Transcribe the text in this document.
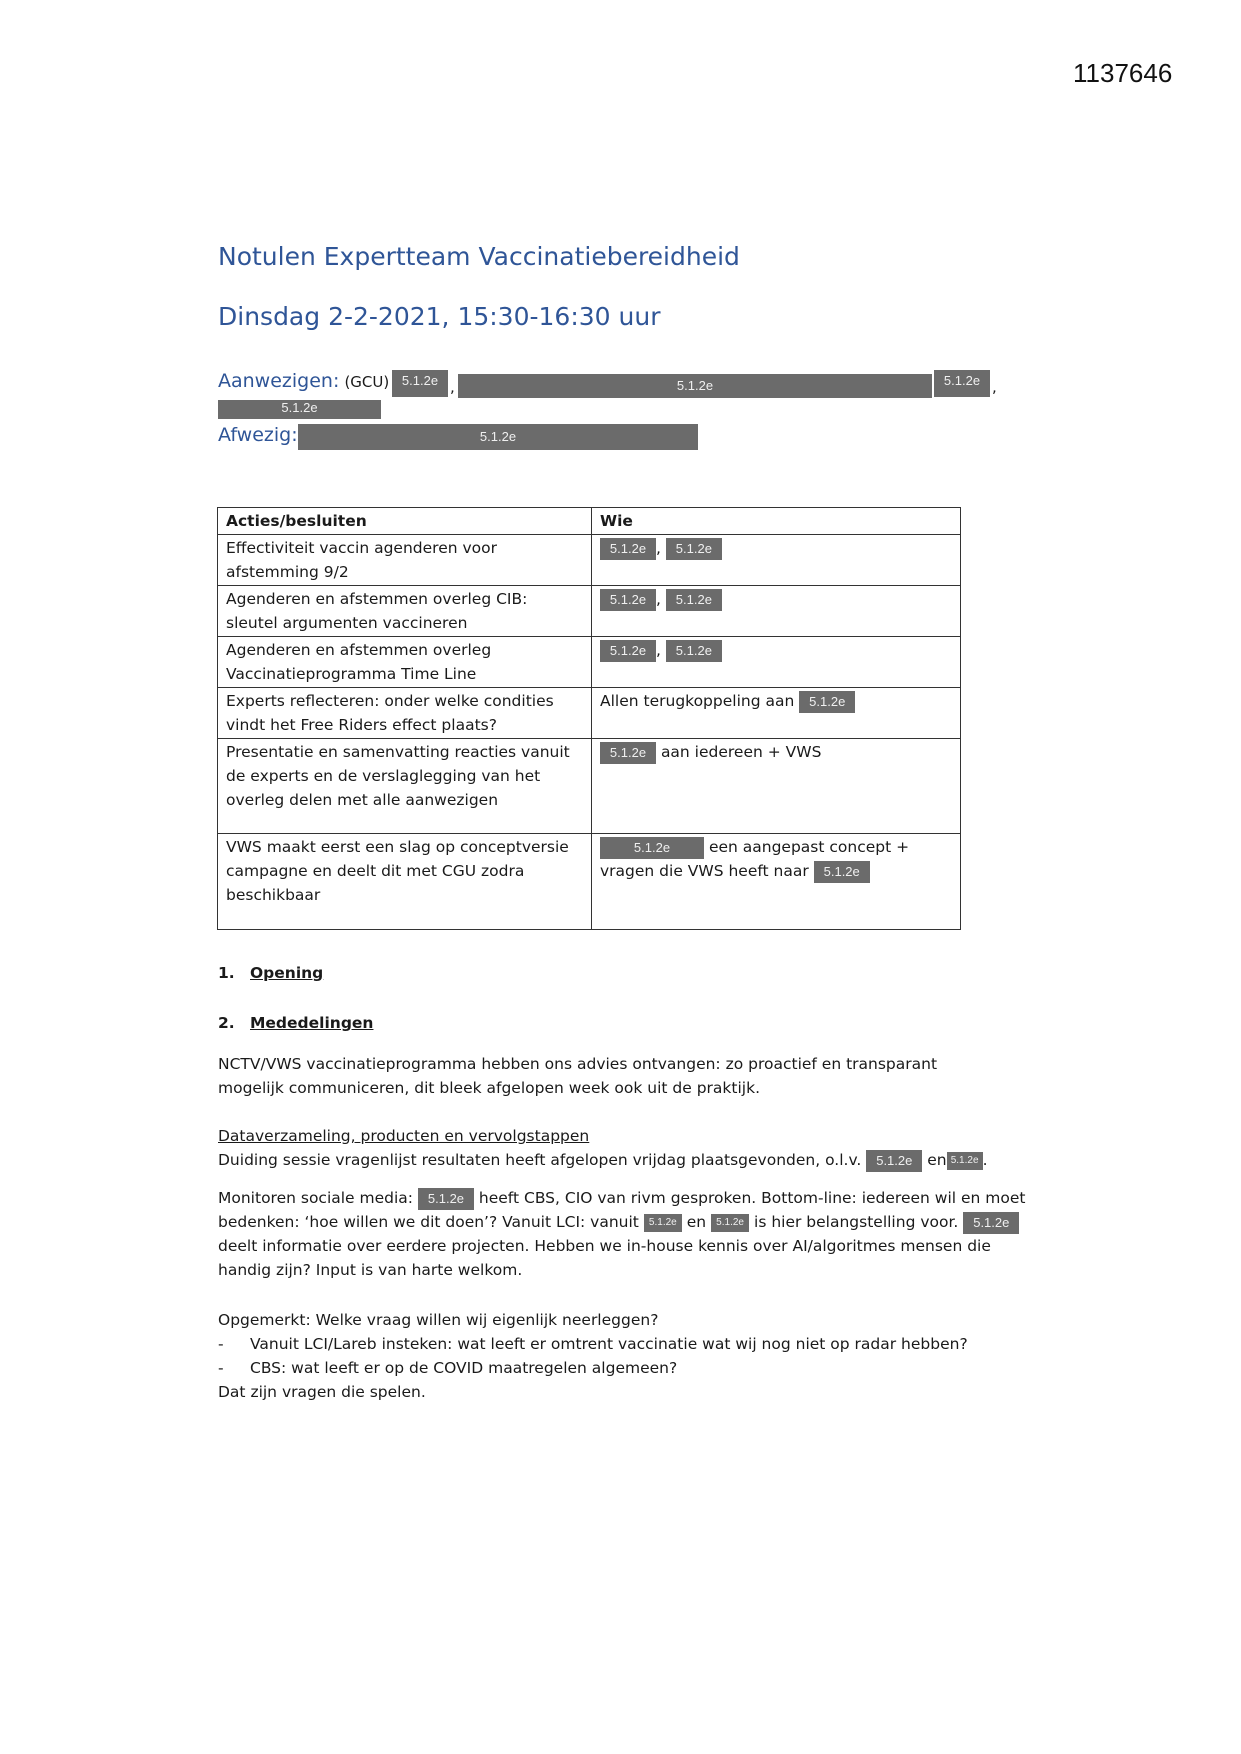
1137646
Notulen Expertteam Vaccinatiebereidheid
Dinsdag 2-2-2021, 15:30-16:30 uur
Aanwezigen: (GCU) 5.1.2e ,	5.1.2e	5.1.2e ,
5.1.2e
Afwezig:	5.1.2e
Acties/besluiten	Wie
Effectiviteit vaccin agenderen voor afstemming 9/2	5.1.2e , 5.1.2e
Agenderen en afstemmen overleg CIB: sleutel argumenten vaccineren	5.1.2e , 5.1.2e
Agenderen en afstemmen overleg Vaccinatieprogramma Time Line	5.1.2e , 5.1.2e
Experts reflecteren: onder welke condities vindt het Free Riders effect plaats?	Allen terugkoppeling aan 5.1.2e
Presentatie en samenvatting reacties vanuit de experts en de verslaglegging van het overleg delen met alle aanwezigen	5.1.2e aan iedereen + VWS
VWS maakt eerst een slag op conceptversie campagne en deelt dit met CGU zodra beschikbaar	5.1.2e een aangepast concept +
vragen die VWS heeft naar 5.1.2e
1. Opening
2. Mededelingen
NCTV/VWS vaccinatieprogramma hebben ons advies ontvangen: zo proactief en transparant mogelijk communiceren, dit bleek afgelopen week ook uit de praktijk.
Dataverzameling, producten en vervolgstappen
Duiding sessie vragenlijst resultaten heeft afgelopen vrijdag plaatsgevonden, o.l.v. 5.1.2e en 5.1.2e .
Monitoren sociale media: 5.1.2e heeft CBS, CIO van rivm gesproken. Bottom-line: iedereen wil en moet bedenken: ‘hoe willen we dit doen’? Vanuit LCI: vanuit 5.1.2e en 5.1.2e is hier belangstelling voor. 5.1.2e deelt informatie over eerdere projecten. Hebben we in-house kennis over AI/algoritmes mensen die handig zijn? Input is van harte welkom.
Opgemerkt: Welke vraag willen wij eigenlijk neerleggen?
- Vanuit LCI/Lareb insteken: wat leeft er omtrent vaccinatie wat wij nog niet op radar hebben?
- CBS: wat leeft er op de COVID maatregelen algemeen?
Dat zijn vragen die spelen.
